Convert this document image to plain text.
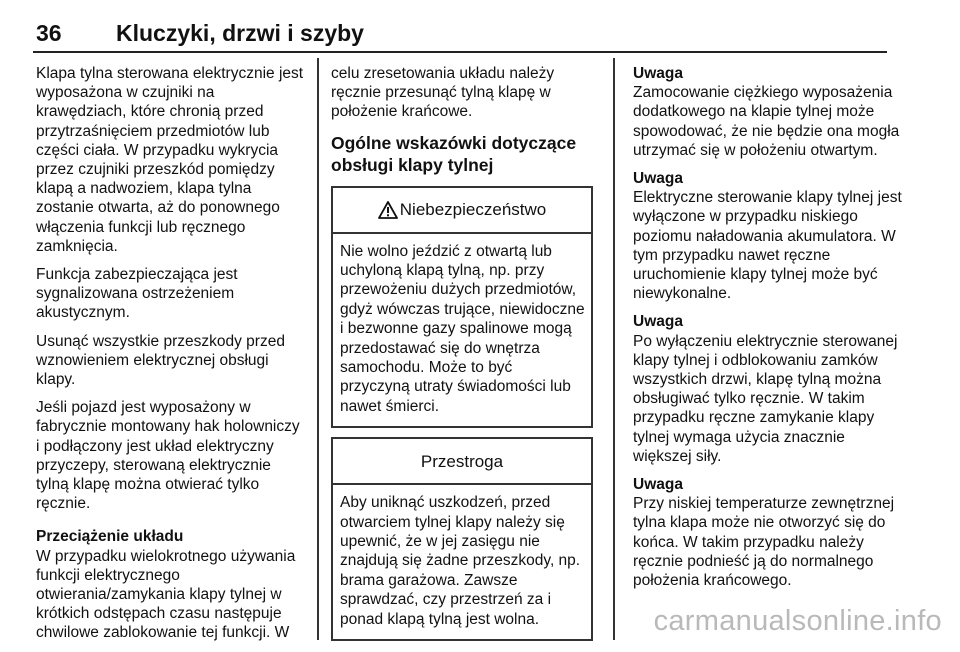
36 Kluczyki, drzwi i szyby

Klapa tylna sterowana elektrycznie jest wyposażona w czujniki na krawędziach, które chronią przed przytrzaśnięciem przedmiotów lub części ciała. W przypadku wykrycia przez czujniki przeszkód pomiędzy klapą a nadwoziem, klapa tylna zostanie otwarta, aż do ponownego włączenia funkcji lub ręcznego zamknięcia.

Funkcja zabezpieczająca jest sygnalizowana ostrzeżeniem akustycznym.

Usunąć wszystkie przeszkody przed wznowieniem elektrycznej obsługi klapy.

Jeśli pojazd jest wyposażony w fabrycznie montowany hak holowniczy i podłączony jest układ elektryczny przyczepy, sterowaną elektrycznie tylną klapę można otwierać tylko ręcznie.

Przeciążenie układu

W przypadku wielokrotnego używania funkcji elektrycznego otwierania/zamykania klapy tylnej w krótkich odstępach czasu następuje chwilowe zablokowanie tej funkcji. W

celu zresetowania układu należy ręcznie przesunąć tylną klapę w położenie krańcowe.

Ogólne wskazówki dotyczące obsługi klapy tylnej
Niebezpieczeństwo
Nie wolno jeździć z otwartą lub uchyloną klapą tylną, np. przy przewożeniu dużych przedmiotów, gdyż wówczas trujące, niewidoczne i bezwonne gazy spalinowe mogą przedostawać się do wnętrza samochodu. Może to być przyczyną utraty świadomości lub nawet śmierci.
Przestroga
Aby uniknąć uszkodzeń, przed otwarciem tylnej klapy należy się upewnić, że w jej zasięgu nie znajdują się żadne przeszkody, np. brama garażowa. Zawsze sprawdzać, czy przestrzeń za i ponad klapą tylną jest wolna.
Uwaga
Zamocowanie ciężkiego wyposażenia dodatkowego na klapie tylnej może spowodować, że nie będzie ona mogła utrzymać się w położeniu otwartym.
Uwaga
Elektryczne sterowanie klapy tylnej jest wyłączone w przypadku niskiego poziomu naładowania akumulatora. W tym przypadku nawet ręczne uruchomienie klapy tylnej może być niewykonalne.
Uwaga
Po wyłączeniu elektrycznie sterowanej klapy tylnej i odblokowaniu zamków wszystkich drzwi, klapę tylną można obsługiwać tylko ręcznie. W takim przypadku ręczne zamykanie klapy tylnej wymaga użycia znacznie większej siły.
Uwaga
Przy niskiej temperaturze zewnętrznej tylna klapa może nie otworzyć się do końca. W takim przypadku należy ręcznie podnieść ją do normalnego położenia krańcowego.
carmanualsonline.info
